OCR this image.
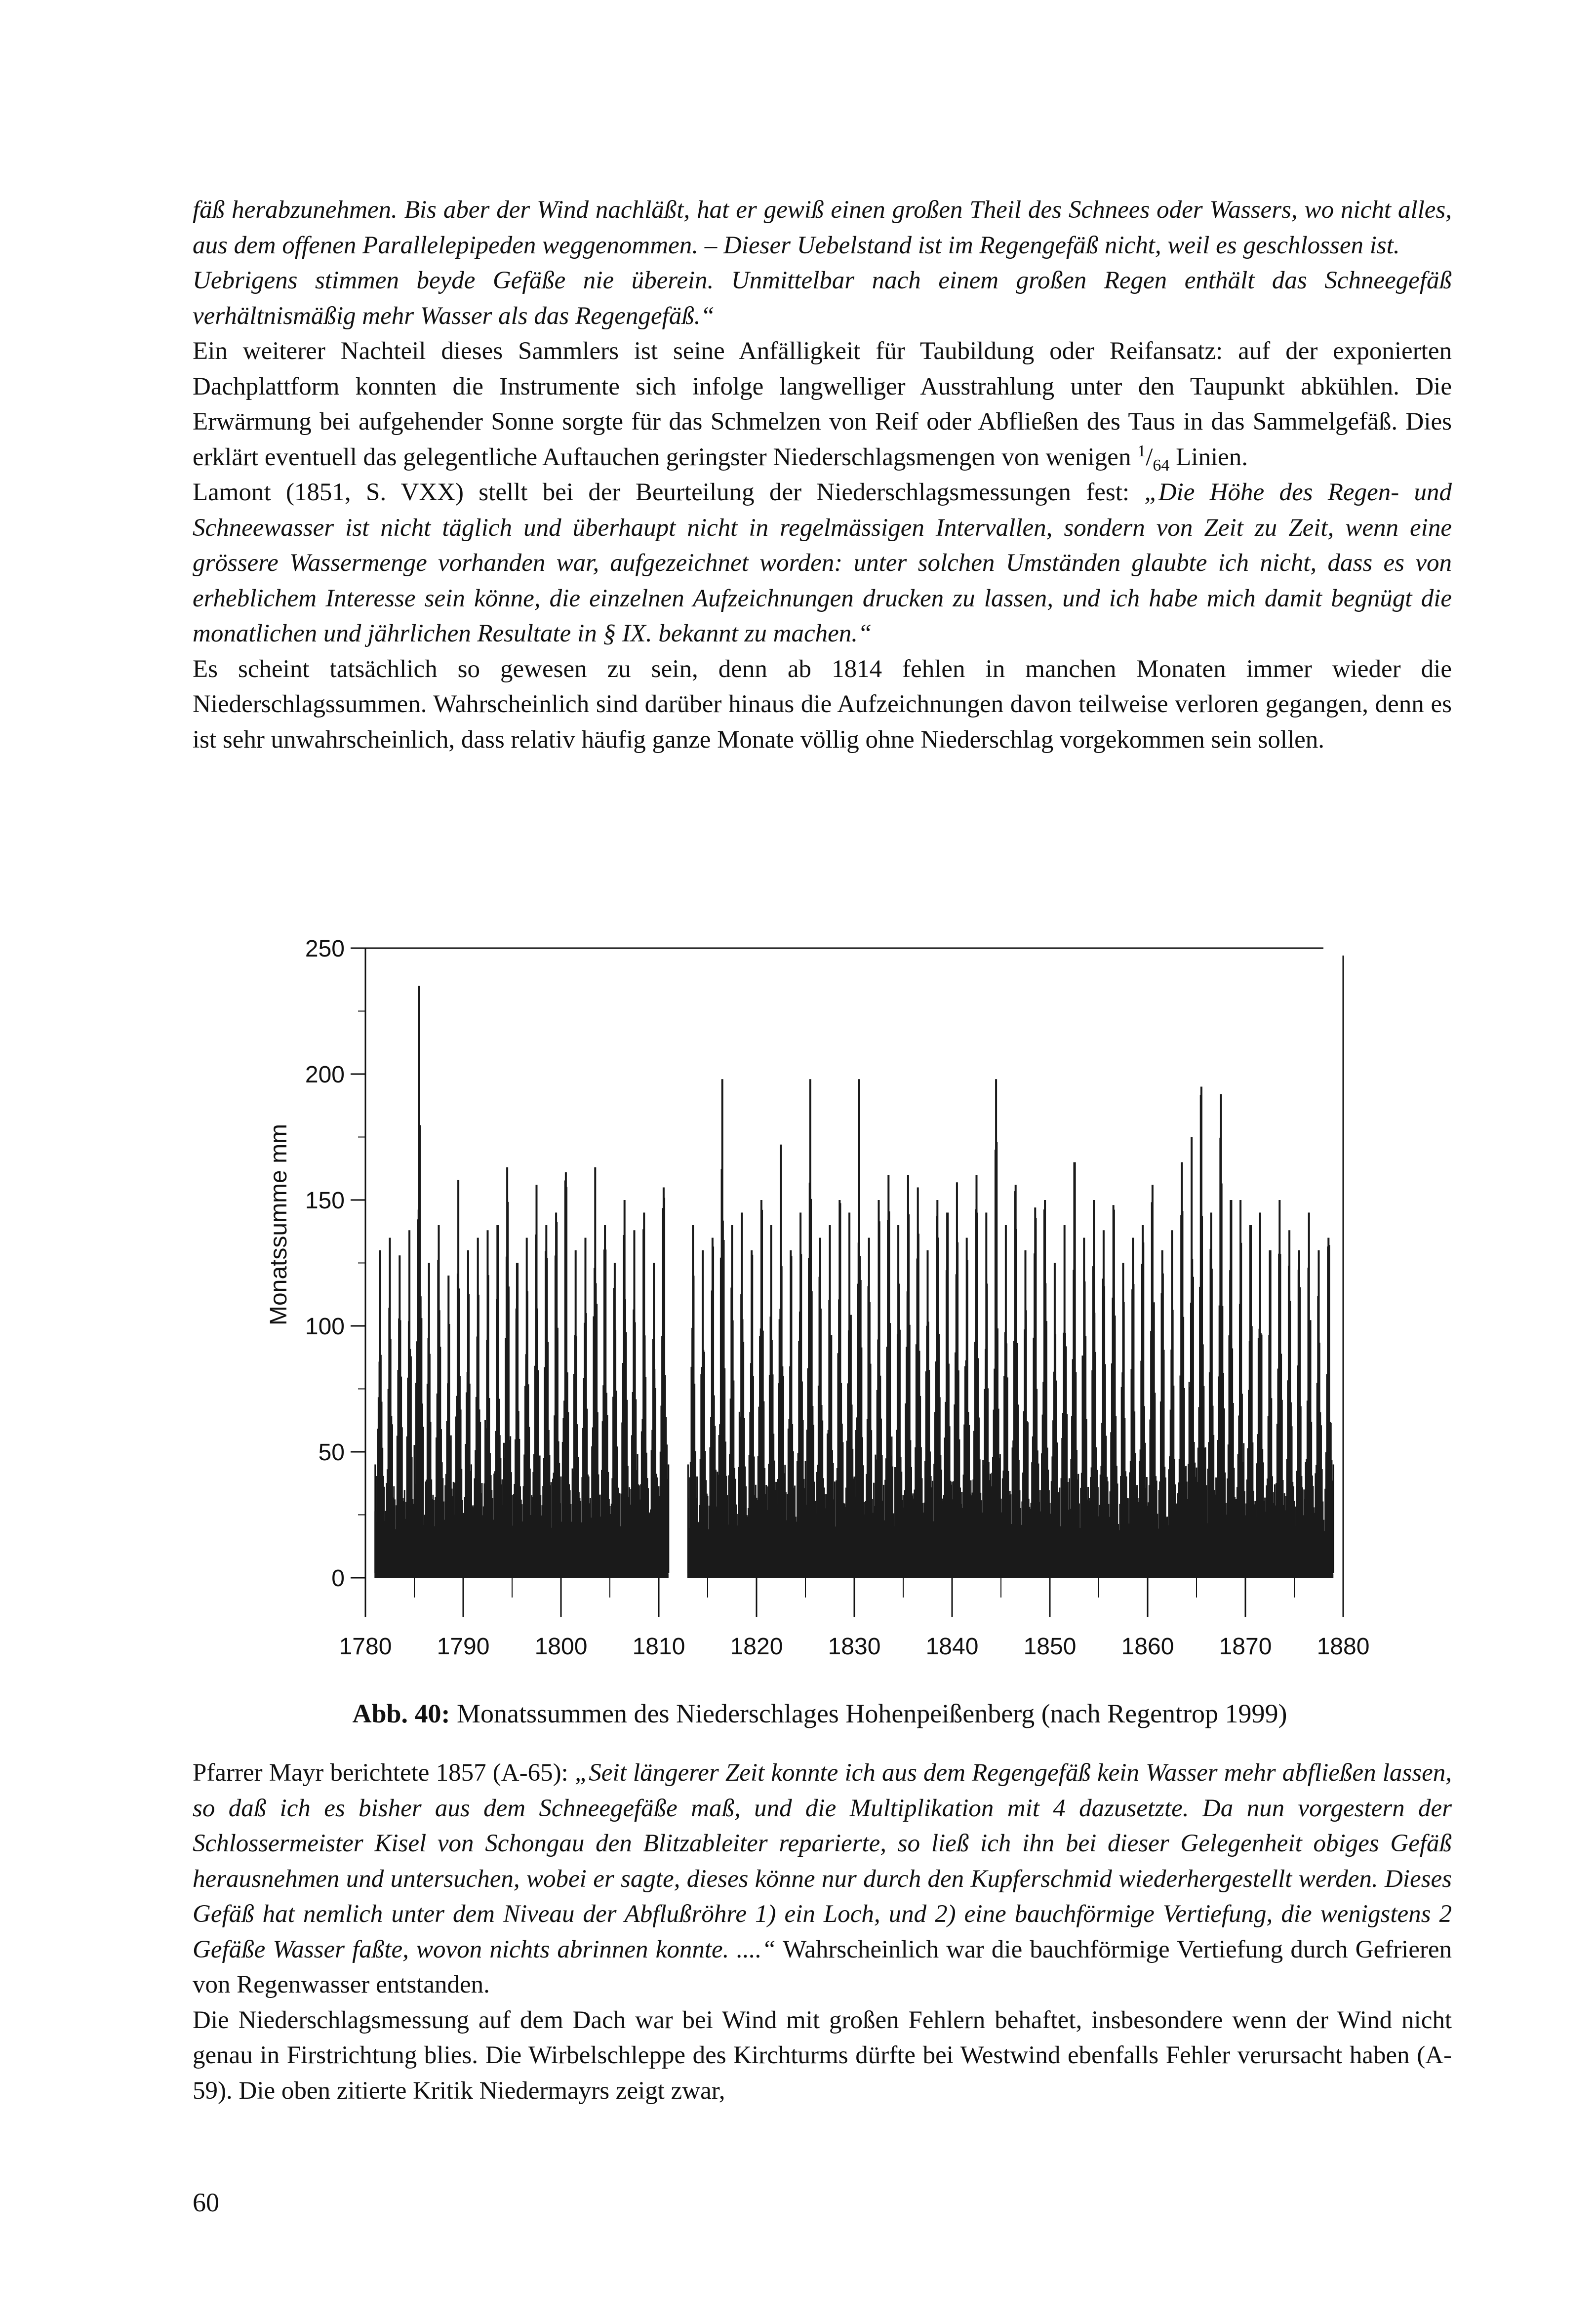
fäß herabzunehmen. Bis aber der Wind nachläßt, hat er gewiß einen großen Theil des Schnees oder Wassers, wo nicht alles, aus dem offenen Parallelepipeden weggenommen. – Dieser Uebelstand ist im Regengefäß nicht, weil es geschlossen ist.

Uebrigens stimmen beyde Gefäße nie überein. Unmittelbar nach einem großen Regen enthält das Schneegefäß verhältnismäßig mehr Wasser als das Regengefäß.“

Ein weiterer Nachteil dieses Sammlers ist seine Anfälligkeit für Taubildung oder Reifansatz: auf der exponierten Dachplattform konnten die Instrumente sich infolge langwelliger Ausstrahlung unter den Taupunkt abkühlen. Die Erwärmung bei aufgehender Sonne sorgte für das Schmelzen von Reif oder Abfließen des Taus in das Sammelgefäß. Dies erklärt eventuell das gelegentliche Auftauchen geringster Niederschlagsmengen von wenigen $^1/_{64}$ Linien.

Lamont (1851, S. VXX) stellt bei der Beurteilung der Niederschlagsmessungen fest: „Die Höhe des Regen- und Schneewasser ist nicht täglich und überhaupt nicht in regelmässigen Intervallen, sondern von Zeit zu Zeit, wenn eine grössere Wassermenge vorhanden war, aufgezeichnet worden: unter solchen Umständen glaubte ich nicht, dass es von erheblichem Interesse sein könne, die einzelnen Aufzeichnungen drucken zu lassen, und ich habe mich damit begnügt die monatlichen und jährlichen Resultate in § IX. bekannt zu machen.“

Es scheint tatsächlich so gewesen zu sein, denn ab 1814 fehlen in manchen Monaten immer wieder die Niederschlagssummen. Wahrscheinlich sind darüber hinaus die Aufzeichnungen davon teilweise verloren gegangen, denn es ist sehr unwahrscheinlich, dass relativ häufig ganze Monate völlig ohne Niederschlag vorgekommen sein sollen.

0
50
100
150
200
250
1780 1790 1800 1810 1820 1830 1840 1850 1860 1870 1880
Monatssumme mm
Abb. 40: Monatssummen des Niederschlages Hohenpeißenberg (nach Regentrop 1999)

Pfarrer Mayr berichtete 1857 (A-65): „Seit längerer Zeit konnte ich aus dem Regengefäß kein Wasser mehr abfließen lassen, so daß ich es bisher aus dem Schneegefäße maß, und die Multiplikation mit 4 dazusetzte. Da nun vorgestern der Schlossermeister Kisel von Schongau den Blitzableiter reparierte, so ließ ich ihn bei dieser Gelegenheit obiges Gefäß herausnehmen und untersuchen, wobei er sagte, dieses könne nur durch den Kupferschmid wiederhergestellt werden. Dieses Gefäß hat nemlich unter dem Niveau der Abflußröhre 1) ein Loch, und 2) eine bauchförmige Vertiefung, die wenigstens 2 Gefäße Wasser faßte, wovon nichts abrinnen konnte. ....“ Wahrscheinlich war die bauchförmige Vertiefung durch Gefrieren von Regenwasser entstanden.

Die Niederschlagsmessung auf dem Dach war bei Wind mit großen Fehlern behaftet, insbesondere wenn der Wind nicht genau in Firstrichtung blies. Die Wirbelschleppe des Kirchturms dürfte bei Westwind ebenfalls Fehler verursacht haben (A-59). Die oben zitierte Kritik Niedermayrs zeigt zwar,

60
